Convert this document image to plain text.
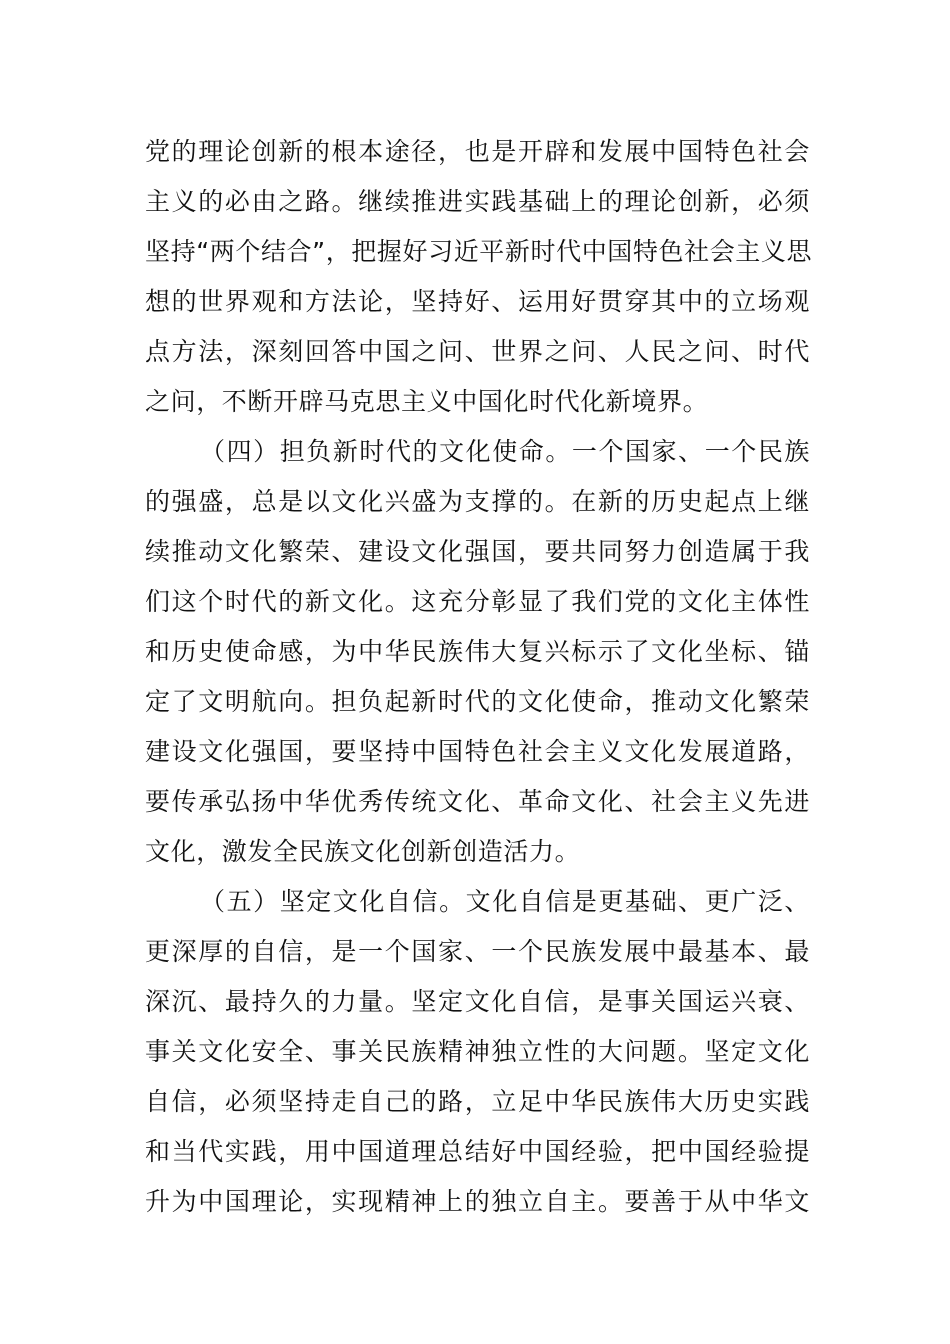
党的理论创新的根本途径，也是开辟和发展中国特色社会
主义的必由之路。继续推进实践基础上的理论创新，必须
坚持“两个结合”，把握好习近平新时代中国特色社会主义思
想的世界观和方法论，坚持好、运用好贯穿其中的立场观
点方法，深刻回答中国之问、世界之问、人民之问、时代
之问，不断开辟马克思主义中国化时代化新境界。
（四）担负新时代的文化使命。一个国家、一个民族
的强盛，总是以文化兴盛为支撑的。在新的历史起点上继
续推动文化繁荣、建设文化强国，要共同努力创造属于我
们这个时代的新文化。这充分彰显了我们党的文化主体性
和历史使命感，为中华民族伟大复兴标示了文化坐标、锚
定了文明航向。担负起新时代的文化使命，推动文化繁荣
建设文化强国，要坚持中国特色社会主义文化发展道路，
要传承弘扬中华优秀传统文化、革命文化、社会主义先进
文化，激发全民族文化创新创造活力。
（五）坚定文化自信。文化自信是更基础、更广泛、
更深厚的自信，是一个国家、一个民族发展中最基本、最
深沉、最持久的力量。坚定文化自信，是事关国运兴衰、
事关文化安全、事关民族精神独立性的大问题。坚定文化
自信，必须坚持走自己的路，立足中华民族伟大历史实践
和当代实践，用中国道理总结好中国经验，把中国经验提
升为中国理论，实现精神上的独立自主。要善于从中华文
